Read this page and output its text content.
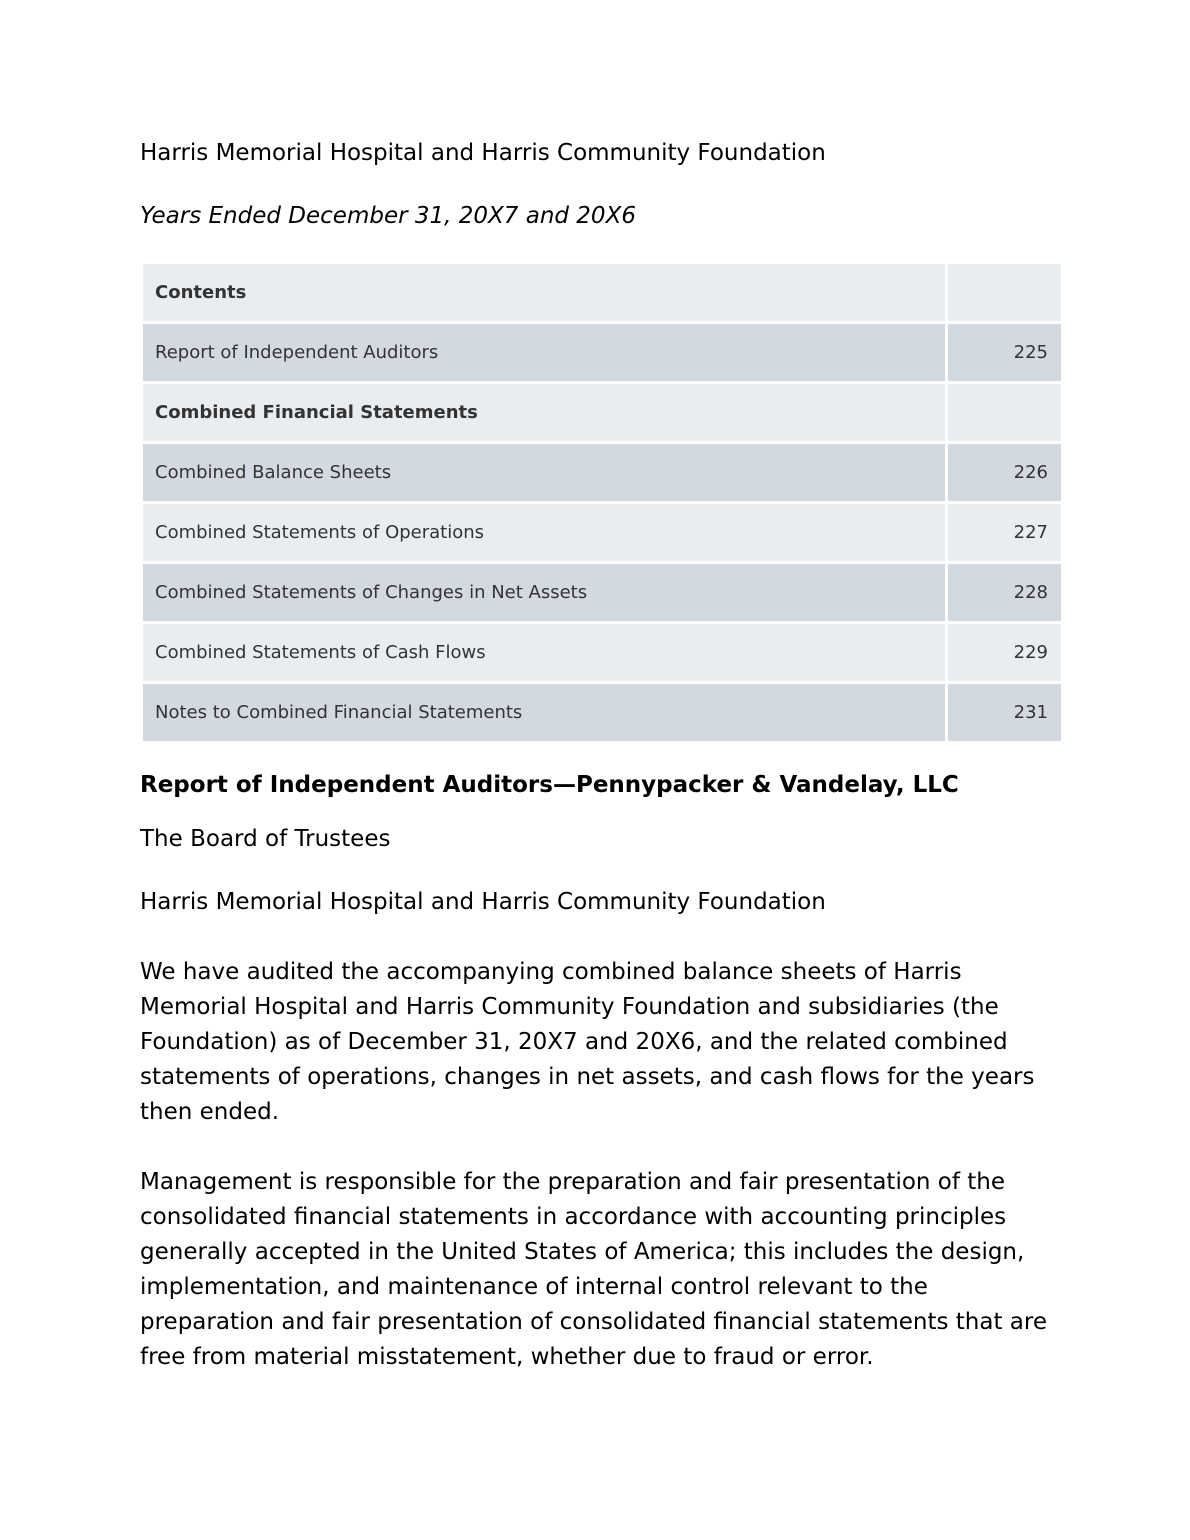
Harris Memorial Hospital and Harris Community Foundation
Years Ended December 31, 20X7 and 20X6
Contents	
Report of Independent Auditors	225
Combined Financial Statements	
Combined Balance Sheets	226
Combined Statements of Operations	227
Combined Statements of Changes in Net Assets	228
Combined Statements of Cash Flows	229
Notes to Combined Financial Statements	231
Report of Independent Auditors—Pennypacker & Vandelay, LLC
The Board of Trustees
Harris Memorial Hospital and Harris Community Foundation

We have audited the accompanying combined balance sheets of Harris Memorial Hospital and Harris Community Foundation and subsidiaries (the Foundation) as of December 31, 20X7 and 20X6, and the related combined statements of operations, changes in net assets, and cash flows for the years then ended.

Management is responsible for the preparation and fair presentation of the consolidated financial statements in accordance with accounting principles generally accepted in the United States of America; this includes the design, implementation, and maintenance of internal control relevant to the preparation and fair presentation of consolidated financial statements that are free from material misstatement, whether due to fraud or error.
